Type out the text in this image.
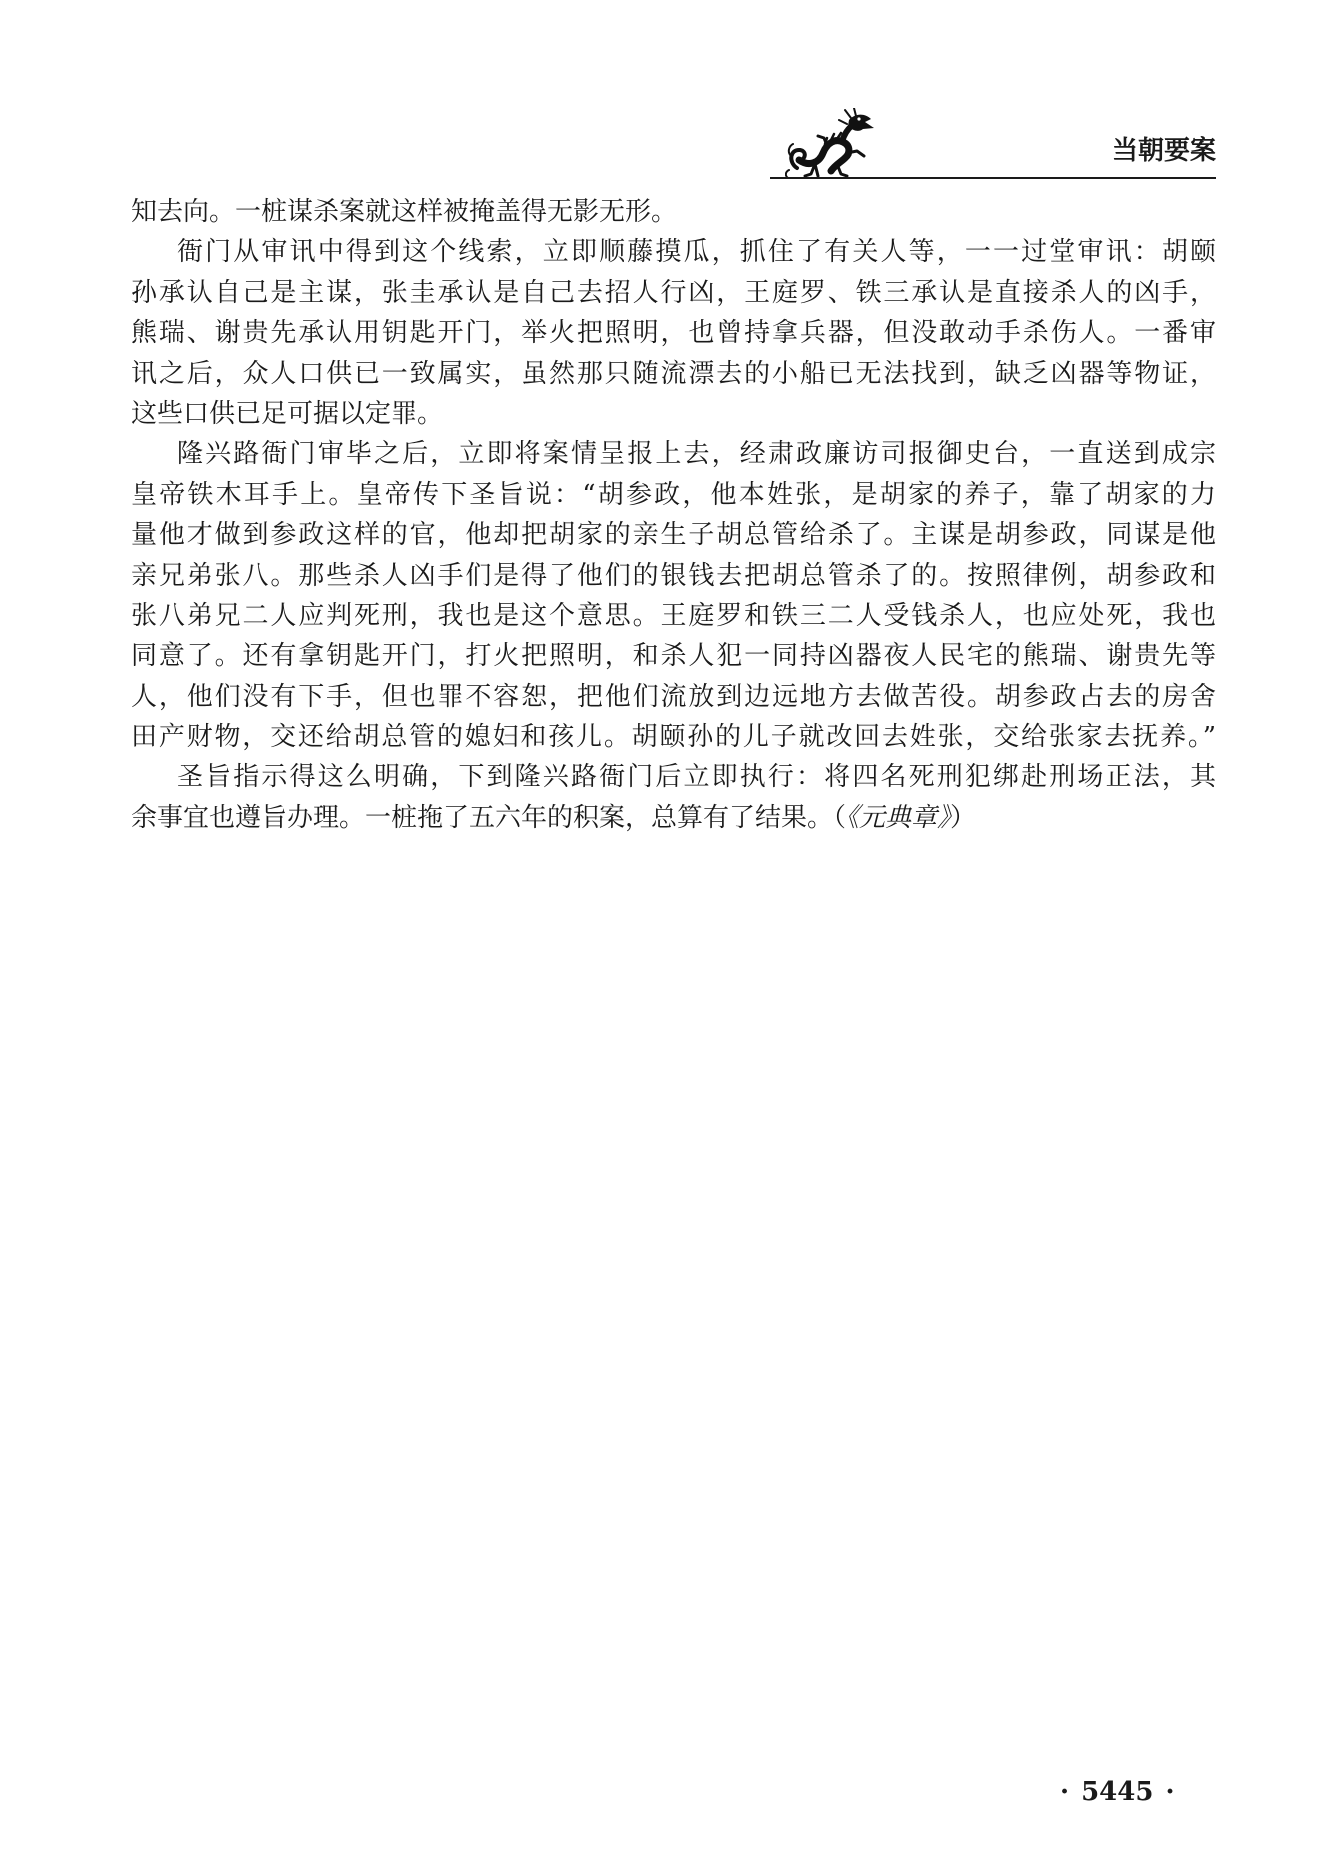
当朝要案
知去向。一桩谋杀案就这样被掩盖得无影无形。
衙门从审讯中得到这个线索，立即顺藤摸瓜，抓住了有关人等，一一过堂审讯：胡颐
孙承认自己是主谋，张圭承认是自己去招人行凶，王庭罗、铁三承认是直接杀人的凶手，
熊瑞、谢贵先承认用钥匙开门，举火把照明，也曾持拿兵器，但没敢动手杀伤人。一番审
讯之后，众人口供已一致属实，虽然那只随流漂去的小船已无法找到，缺乏凶器等物证，
这些口供已足可据以定罪。
隆兴路衙门审毕之后，立即将案情呈报上去，经肃政廉访司报御史台，一直送到成宗
皇帝铁木耳手上。皇帝传下圣旨说：“胡参政，他本姓张，是胡家的养子，靠了胡家的力
量他才做到参政这样的官，他却把胡家的亲生子胡总管给杀了。主谋是胡参政，同谋是他
亲兄弟张八。那些杀人凶手们是得了他们的银钱去把胡总管杀了的。按照律例，胡参政和
张八弟兄二人应判死刑，我也是这个意思。王庭罗和铁三二人受钱杀人，也应处死，我也
同意了。还有拿钥匙开门，打火把照明，和杀人犯一同持凶器夜人民宅的熊瑞、谢贵先等
人，他们没有下手，但也罪不容恕，把他们流放到边远地方去做苦役。胡参政占去的房舍
田产财物，交还给胡总管的媳妇和孩儿。胡颐孙的儿子就改回去姓张，交给张家去抚养。”
圣旨指示得这么明确，下到隆兴路衙门后立即执行：将四名死刑犯绑赴刑场正法，其
余事宜也遵旨办理。一桩拖了五六年的积案，总算有了结果。（《元典章》）
· 5445 ·
